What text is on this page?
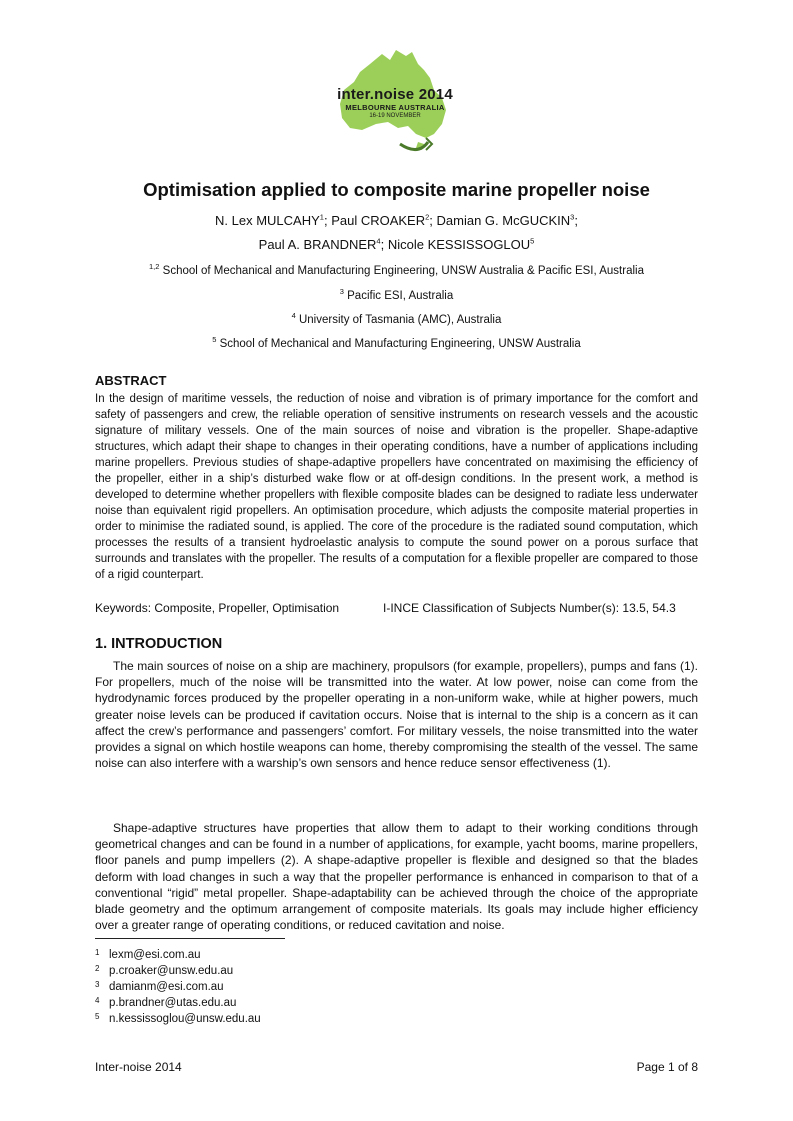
inter.noise 2014
MELBOURNE AUSTRALIA
16-19 NOVEMBER
Optimisation applied to composite marine propeller noise
N. Lex MULCAHY$^1$; Paul CROAKER$^2$; Damian G. McGUCKIN$^3$;
Paul A. BRANDNER$^4$; Nicole KESSISSOGLOU$^5$
$^{1,2}$ School of Mechanical and Manufacturing Engineering, UNSW Australia & Pacific ESI, Australia
$^3$ Pacific ESI, Australia
$^4$ University of Tasmania (AMC), Australia
$^5$ School of Mechanical and Manufacturing Engineering, UNSW Australia
ABSTRACT

In the design of maritime vessels, the reduction of noise and vibration is of primary importance for the comfort and safety of passengers and crew, the reliable operation of sensitive instruments on research vessels and the acoustic signature of military vessels. One of the main sources of noise and vibration is the propeller. Shape-adaptive structures, which adapt their shape to changes in their operating conditions, have a number of applications including marine propellers. Previous studies of shape-adaptive propellers have concentrated on maximising the efficiency of the propeller, either in a ship’s disturbed wake flow or at off-design conditions. In the present work, a method is developed to determine whether propellers with flexible composite blades can be designed to radiate less underwater noise than equivalent rigid propellers. An optimisation procedure, which adjusts the composite material properties in order to minimise the radiated sound, is applied. The core of the procedure is the radiated sound computation, which processes the results of a transient hydroelastic analysis to compute the sound power on a porous surface that surrounds and translates with the propeller. The results of a computation for a flexible propeller are compared to those of a rigid counterpart.

Keywords: Composite, Propeller, Optimisation	I-INCE Classification of Subjects Number(s): 13.5, 54.3
1. INTRODUCTION

The main sources of noise on a ship are machinery, propulsors (for example, propellers), pumps and fans (1). For propellers, much of the noise will be transmitted into the water. At low power, noise can come from the hydrodynamic forces produced by the propeller operating in a non-uniform wake, while at higher powers, much greater noise levels can be produced if cavitation occurs. Noise that is internal to the ship is a concern as it can affect the crew’s performance and passengers’ comfort. For military vessels, the noise transmitted into the water provides a signal on which hostile weapons can home, thereby compromising the stealth of the vessel. The same noise can also interfere with a warship’s own sensors and hence reduce sensor effectiveness (1).

Shape-adaptive structures have properties that allow them to adapt to their working conditions through geometrical changes and can be found in a number of applications, for example, yacht booms, marine propellers, floor panels and pump impellers (2). A shape-adaptive propeller is flexible and designed so that the blades deform with load changes in such a way that the propeller performance is enhanced in comparison to that of a conventional “rigid” metal propeller. Shape-adaptability can be achieved through the choice of the appropriate blade geometry and the optimum arrangement of composite materials. Its goals may include higher efficiency over a greater range of operating conditions, or reduced cavitation and noise.

1 lexm@esi.com.au
2 p.croaker@unsw.edu.au
3 damianm@esi.com.au
4 p.brandner@utas.edu.au
5 n.kessissoglou@unsw.edu.au
Inter-noise 2014	Page 1 of 8
